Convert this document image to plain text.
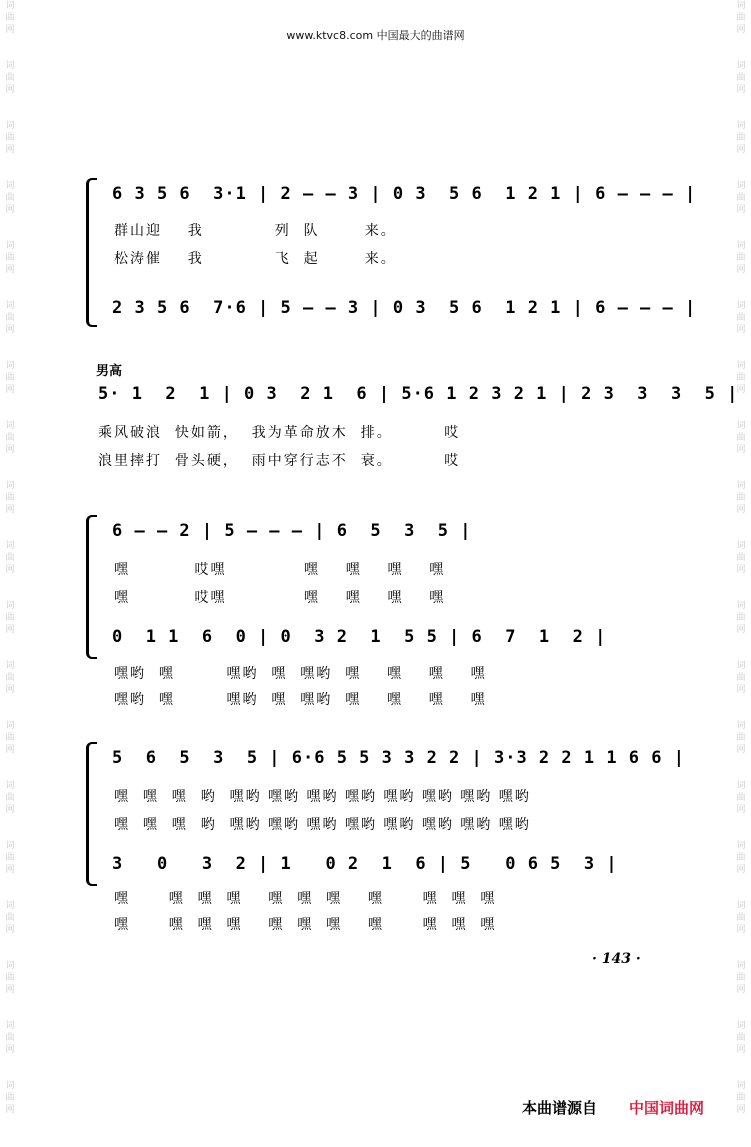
www.ktvc8.com 中国最大的曲谱网
词
曲
网
词
曲
网
词
曲
网
词
曲
网
词
曲
网
词
曲
网
词
曲
网
词
曲
网
词
曲
网
词
曲
网
词
曲
网
词
曲
网
词
曲
网
词
曲
网
词
曲
网
词
曲
网
词
曲
网
词
曲
网
词
曲
网
词
曲
网
词
曲
网
词
曲
网
词
曲
网
词
曲
网
词
曲
网
词
曲
网
词
曲
网
词
曲
网
词
曲
网
词
曲
网
词
曲
网
词
曲
网
词
曲
网
词
曲
网
词
曲
网
词
曲
网
词
曲
网
词
曲
网
6 3 5 6  3·1 | 2 — — 3 | 0 3  5 6  1 2 1 | 6 — — — |
群山迎    我           列  队       来。
松涛催    我           飞  起       来。
2 3 5 6  7·6 | 5 — — 3 | 0 3  5 6  1 2 1 | 6 — — — |
男高
5· 1  2  1 | 0 3  2 1  6 | 5·6 1 2 3 2 1 | 2 3  3  3  5 |
乘风破浪  快如箭，  我为革命放木  排。        哎
浪里摔打  骨头硬，  雨中穿行志不  衰。        哎
6 — — 2 | 5 — — — | 6  5  3  5 |
嘿          哎嘿            嘿    嘿    嘿    嘿
嘿          哎嘿            嘿    嘿    嘿    嘿
0  1 1  6  0 | 0  3 2  1  5 5 | 6  7  1  2 |
嘿哟  嘿        嘿哟  嘿  嘿哟  嘿    嘿    嘿    嘿
嘿哟  嘿        嘿哟  嘿  嘿哟  嘿    嘿    嘿    嘿
5  6  5  3  5 | 6·6 5 5 3 3 2 2 | 3·3 2 2 1 1 6 6 |
嘿  嘿  嘿  哟  嘿哟 嘿哟 嘿哟 嘿哟 嘿哟 嘿哟 嘿哟 嘿哟
嘿  嘿  嘿  哟  嘿哟 嘿哟 嘿哟 嘿哟 嘿哟 嘿哟 嘿哟 嘿哟
3   0   3  2 | 1   0 2  1  6 | 5   0 6 5  3 |
嘿      嘿  嘿  嘿    嘿  嘿  嘿    嘿      嘿  嘿  嘿
嘿      嘿  嘿  嘿    嘿  嘿  嘿    嘿      嘿  嘿  嘿
· 143 ·
本曲谱源自 中国词曲网
